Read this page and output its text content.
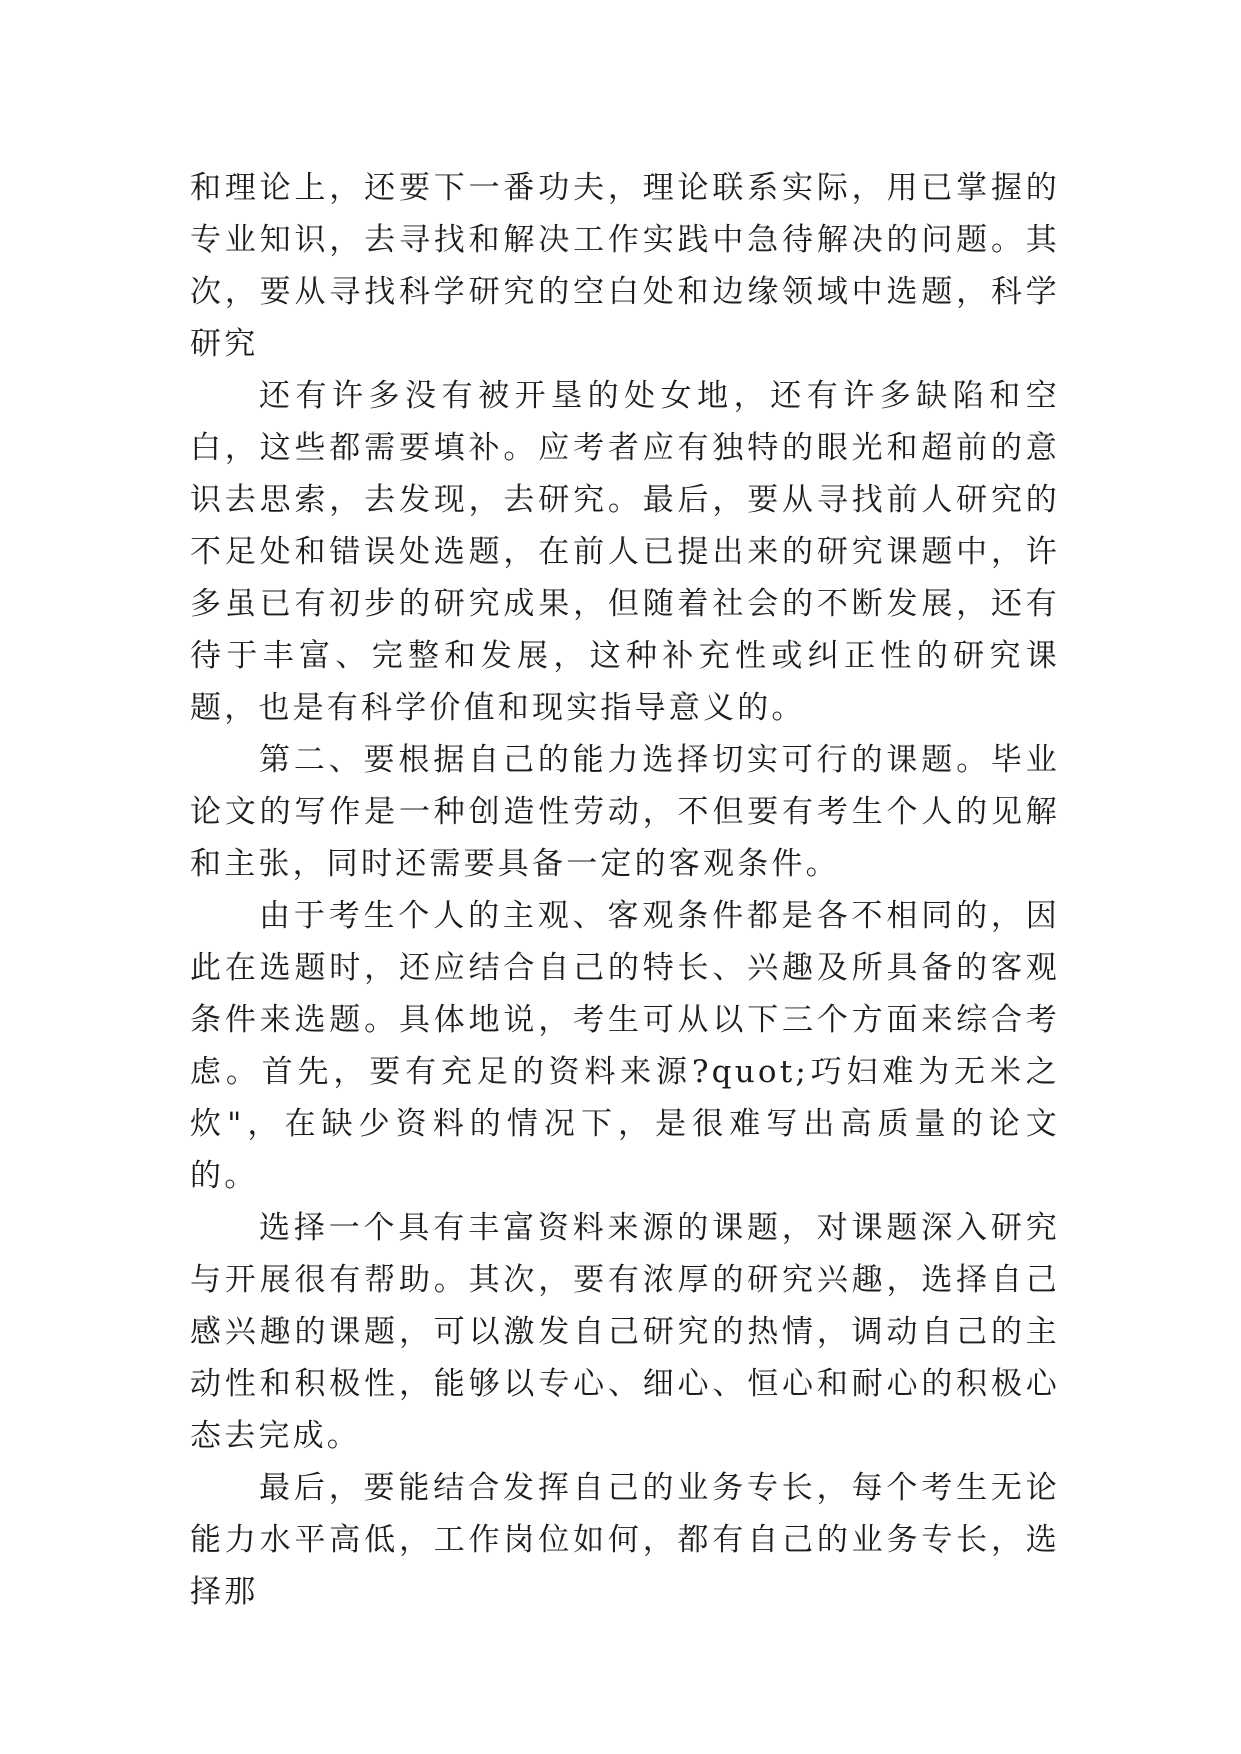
和理论上，还要下一番功夫，理论联系实际，用已掌握的专业知识，去寻找和解决工作实践中急待解决的问题。其次，要从寻找科学研究的空白处和边缘领域中选题，科学研究

还有许多没有被开垦的处女地，还有许多缺陷和空白，这些都需要填补。应考者应有独特的眼光和超前的意识去思索，去发现，去研究。最后，要从寻找前人研究的不足处和错误处选题，在前人已提出来的研究课题中，许多虽已有初步的研究成果，但随着社会的不断发展，还有待于丰富、完整和发展，这种补充性或纠正性的研究课题，也是有科学价值和现实指导意义的。

第二、要根据自己的能力选择切实可行的课题。毕业论文的写作是一种创造性劳动，不但要有考生个人的见解和主张，同时还需要具备一定的客观条件。

由于考生个人的主观、客观条件都是各不相同的，因此在选题时，还应结合自己的特长、兴趣及所具备的客观条件来选题。具体地说，考生可从以下三个方面来综合考虑。首先，要有充足的资料来源?quot;巧妇难为无米之炊"，在缺少资料的情况下，是很难写出高质量的论文的。

选择一个具有丰富资料来源的课题，对课题深入研究与开展很有帮助。其次，要有浓厚的研究兴趣，选择自己感兴趣的课题，可以激发自己研究的热情，调动自己的主动性和积极性，能够以专心、细心、恒心和耐心的积极心态去完成。

最后，要能结合发挥自己的业务专长，每个考生无论能力水平高低，工作岗位如何，都有自己的业务专长，选择那
